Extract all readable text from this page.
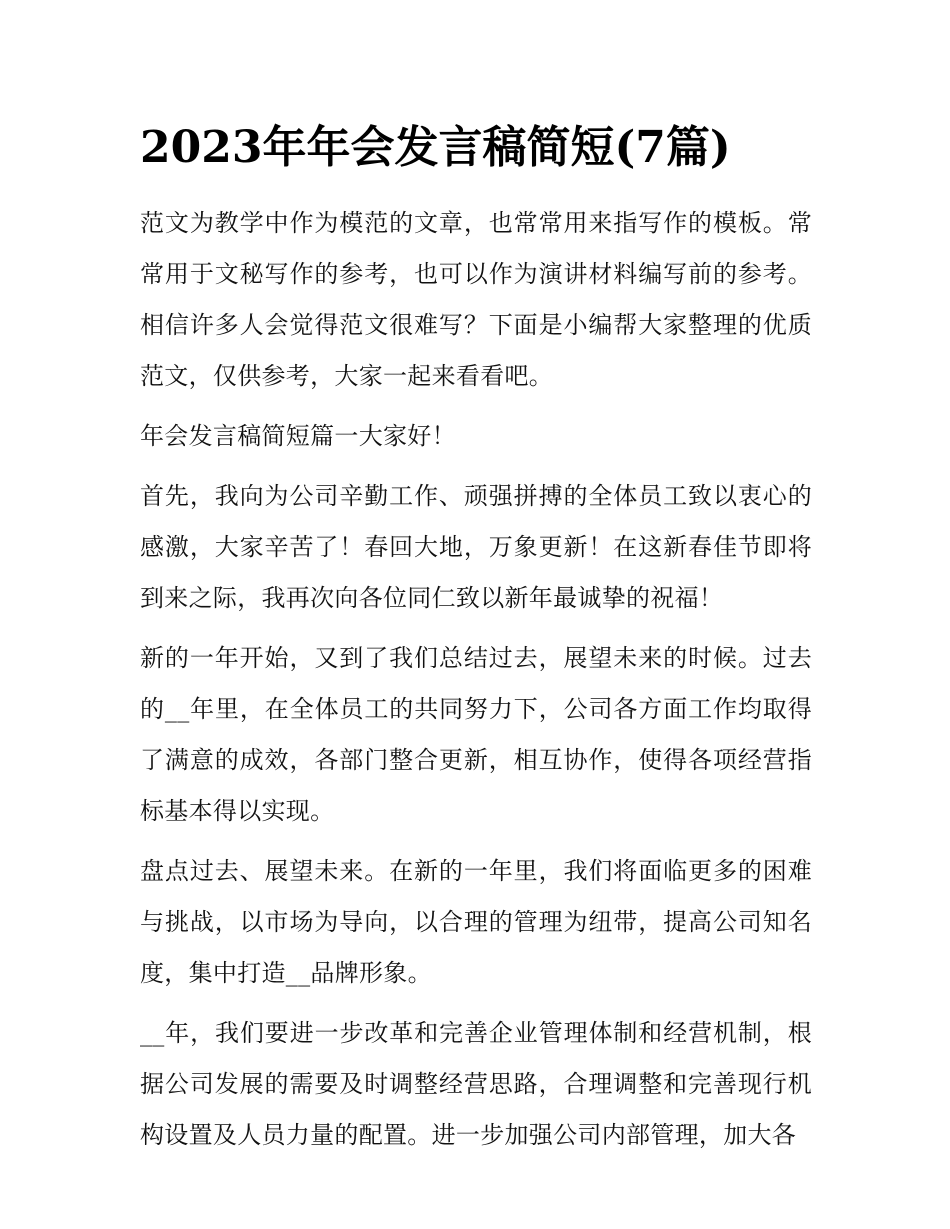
2023年年会发言稿简短(7篇)

范文为教学中作为模范的文章，也常常用来指写作的模板。常常用于文秘写作的参考，也可以作为演讲材料编写前的参考。相信许多人会觉得范文很难写？下面是小编帮大家整理的优质范文，仅供参考，大家一起来看看吧。

年会发言稿简短篇一大家好！

首先，我向为公司辛勤工作、顽强拼搏的全体员工致以衷心的感激，大家辛苦了！春回大地，万象更新！在这新春佳节即将到来之际，我再次向各位同仁致以新年最诚挚的祝福！

新的一年开始，又到了我们总结过去，展望未来的时候。过去的__年里，在全体员工的共同努力下，公司各方面工作均取得了满意的成效，各部门整合更新，相互协作，使得各项经营指标基本得以实现。

盘点过去、展望未来。在新的一年里，我们将面临更多的困难与挑战，以市场为导向，以合理的管理为纽带，提高公司知名度，集中打造__品牌形象。

__年，我们要进一步改革和完善企业管理体制和经营机制，根据公司发展的需要及时调整经营思路，合理调整和完善现行机构设置及人员力量的配置。进一步加强公司内部管理，加大各
